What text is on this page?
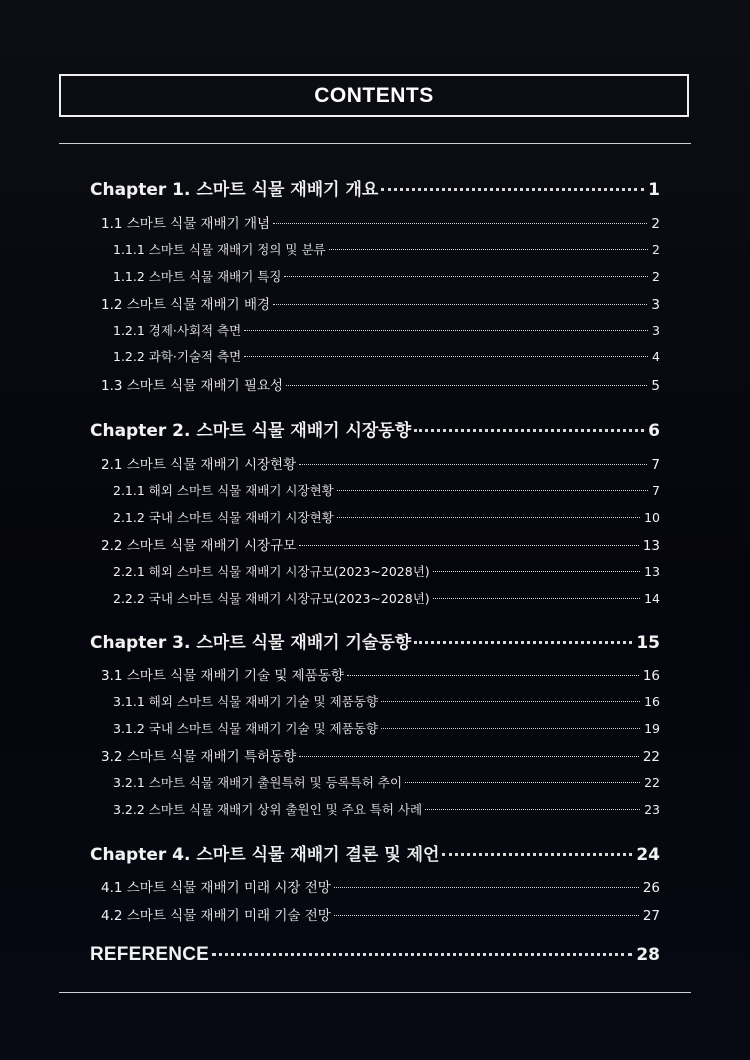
CONTENTS
Chapter 1. 스마트 식물 재배기 개요	1
1.1 스마트 식물 재배기 개념	2
1.1.1 스마트 식물 재배기 정의 및 분류	2
1.1.2 스마트 식물 재배기 특징	2
1.2 스마트 식물 재배기 배경	3
1.2.1 경제·사회적 측면	3
1.2.2 과학·기술적 측면	4
1.3 스마트 식물 재배기 필요성	5
Chapter 2. 스마트 식물 재배기 시장동향	6
2.1 스마트 식물 재배기 시장현황	7
2.1.1 해외 스마트 식물 재배기 시장현황	7
2.1.2 국내 스마트 식물 재배기 시장현황	10
2.2 스마트 식물 재배기 시장규모	13
2.2.1 해외 스마트 식물 재배기 시장규모(2023~2028년)	13
2.2.2 국내 스마트 식물 재배기 시장규모(2023~2028년)	14
Chapter 3. 스마트 식물 재배기 기술동향	15
3.1 스마트 식물 재배기 기술 및 제품동향	16
3.1.1 해외 스마트 식물 재배기 기술 및 제품동향	16
3.1.2 국내 스마트 식물 재배기 기술 및 제품동향	19
3.2 스마트 식물 재배기 특허동향	22
3.2.1 스마트 식물 재배기 출원특허 및 등록특허 추이	22
3.2.2 스마트 식물 재배기 상위 출원인 및 주요 특허 사례	23
Chapter 4. 스마트 식물 재배기 결론 및 제언	24
4.1 스마트 식물 재배기 미래 시장 전망	26
4.2 스마트 식물 재배기 미래 기술 전망	27
REFERENCE	28
